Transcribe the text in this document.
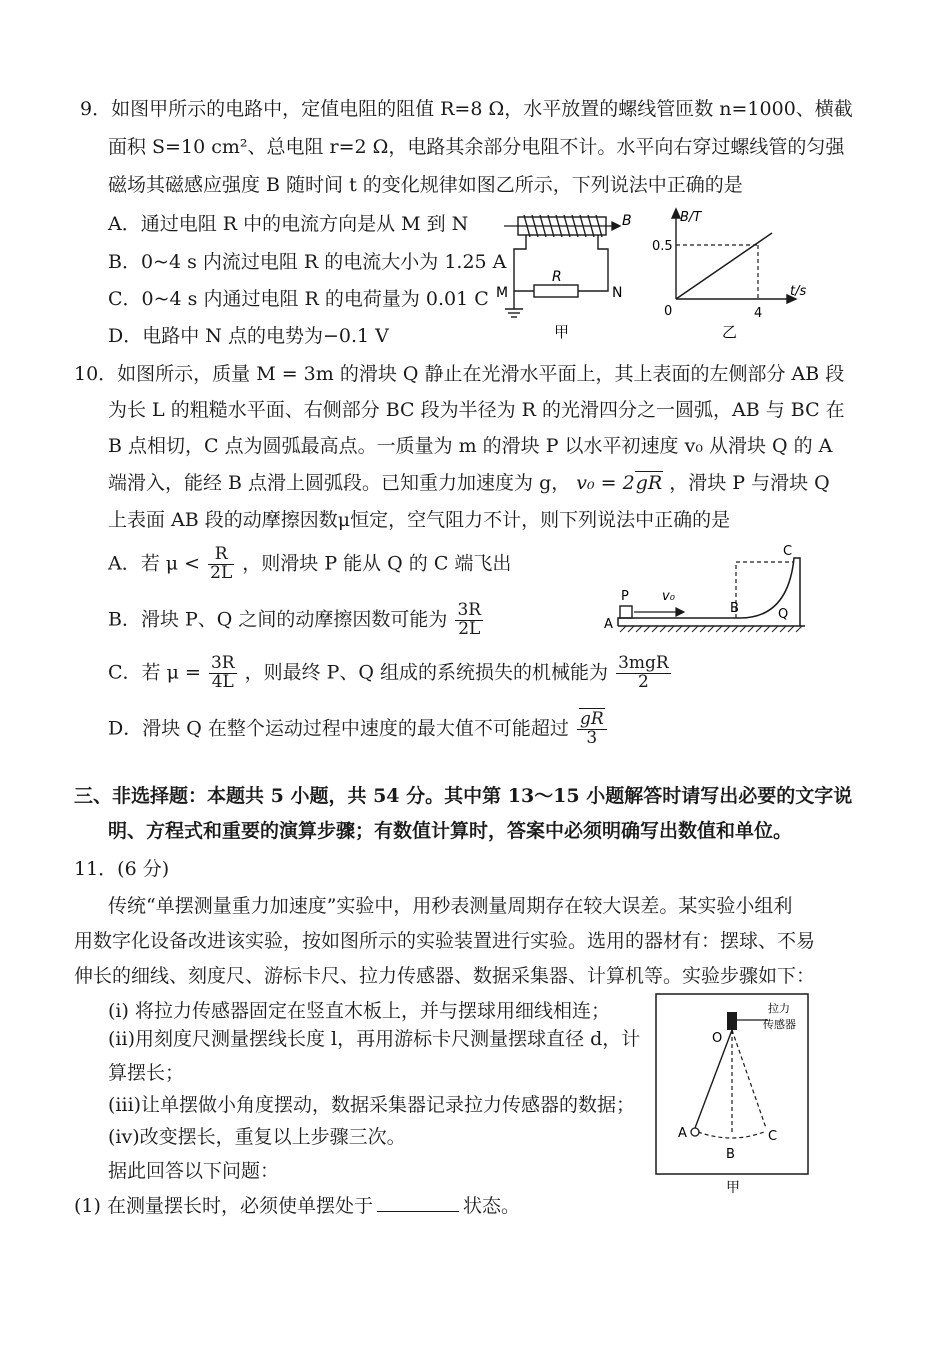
9．如图甲所示的电路中，定值电阻的阻值 R=8 Ω，水平放置的螺线管匝数 n=1000、横截
面积 S=10 cm²、总电阻 r=2 Ω，电路其余部分电阻不计。水平向右穿过螺线管的匀强
磁场其磁感应强度 B 随时间 t 的变化规律如图乙所示，下列说法中正确的是
A．通过电阻 R 中的电流方向是从 M 到 N
B．0~4 s 内流过电阻 R 的电流大小为 1.25 A
C．0~4 s 内通过电阻 R 的电荷量为 0.01 C
D．电路中 N 点的电势为−0.1 V
B
R
M	N
甲
B/T
t/s
0.5
4
0
乙
10．如图所示，质量 M = 3m 的滑块 Q 静止在光滑水平面上，其上表面的左侧部分 AB 段
为长 L 的粗糙水平面、右侧部分 BC 段为半径为 R 的光滑四分之一圆弧，AB 与 BC 在
B 点相切，C 点为圆弧最高点。一质量为 m 的滑块 P 以水平初速度 v₀ 从滑块 Q 的 A
端滑入，能经 B 点滑上圆弧段。已知重力加速度为 g， v₀ = 2gR ，滑块 P 与滑块 Q
上表面 AB 段的动摩擦因数μ恒定，空气阻力不计，则下列说法中正确的是
A．若 $\mu < \frac{R}{2L}$ ，则滑块 P 能从 Q 的 C 端飞出
B．滑块 P、Q 之间的动摩擦因数可能为 $\frac{3R}{2L}$
C．若 $\mu = \frac{3R}{4L}$ ，则最终 P、Q 组成的系统损失的机械能为 $\frac{\text{3mgR}}{2}$
D．滑块 Q 在整个运动过程中速度的最大值不可能超过 $\frac{gR}{3}$
P	v₀
A
B
C
Q
三、非选择题：本题共 5 小题，共 54 分。其中第 13～15 小题解答时请写出必要的文字说
明、方程式和重要的演算步骤；有数值计算时，答案中必须明确写出数值和单位。
11．(6 分)
传统“单摆测量重力加速度”实验中，用秒表测量周期存在较大误差。某实验小组利
用数字化设备改进该实验，按如图所示的实验装置进行实验。选用的器材有：摆球、不易
伸长的细线、刻度尺、游标卡尺、拉力传感器、数据采集器、计算机等。实验步骤如下：
(i) 将拉力传感器固定在竖直木板上，并与摆球用细线相连；
(ii)用刻度尺测量摆线长度 l，再用游标卡尺测量摆球直径 d，计
算摆长；
(iii)让单摆做小角度摆动，数据采集器记录拉力传感器的数据；
(iv)改变摆长，重复以上步骤三次。
据此回答以下问题：
(1) 在测量摆长时，必须使单摆处于	状态。
拉力
传感器
O
A	C
B
甲
